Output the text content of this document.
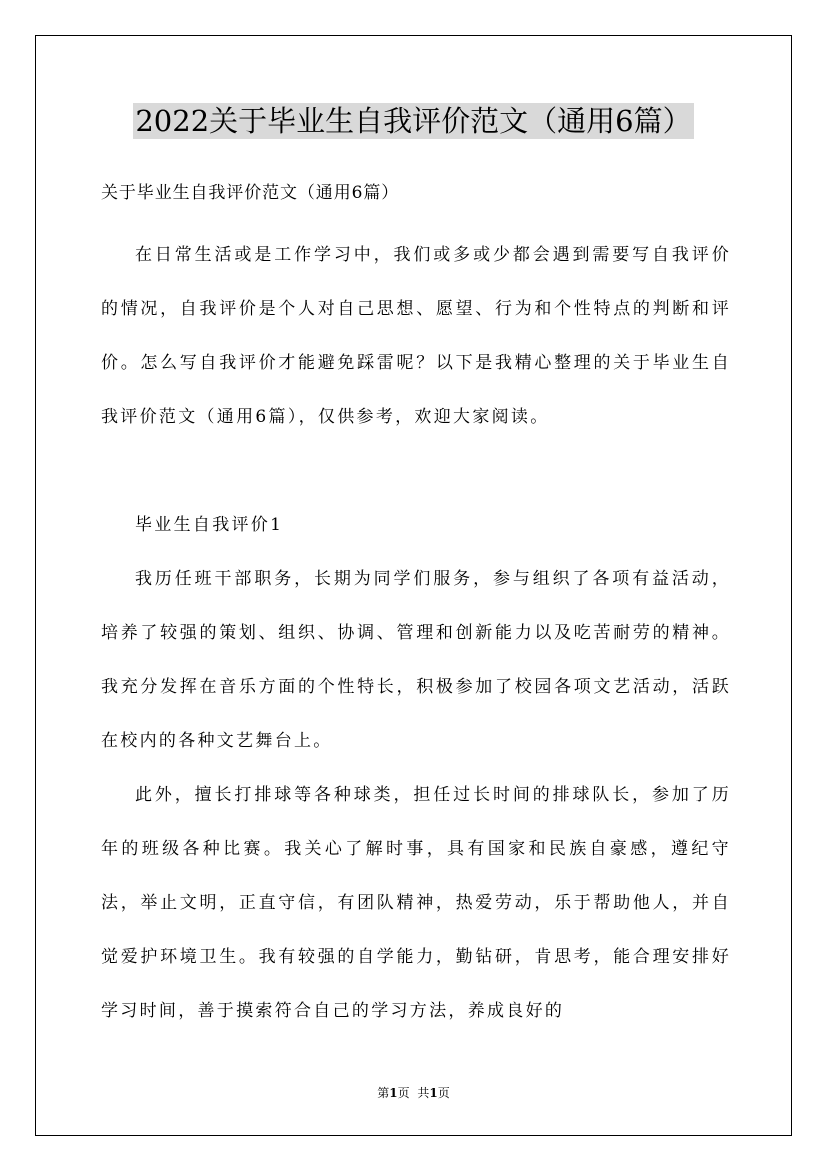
2022关于毕业生自我评价范文（通用6篇）
关于毕业生自我评价范文（通用6篇）

在日常生活或是工作学习中，我们或多或少都会遇到需要写自我评价的情况，自我评价是个人对自己思想、愿望、行为和个性特点的判断和评价。怎么写自我评价才能避免踩雷呢？以下是我精心整理的关于毕业生自我评价范文（通用6篇），仅供参考，欢迎大家阅读。

毕业生自我评价1

我历任班干部职务，长期为同学们服务，参与组织了各项有益活动，培养了较强的策划、组织、协调、管理和创新能力以及吃苦耐劳的精神。我充分发挥在音乐方面的个性特长，积极参加了校园各项文艺活动，活跃在校内的各种文艺舞台上。

此外，擅长打排球等各种球类，担任过长时间的排球队长，参加了历年的班级各种比赛。我关心了解时事，具有国家和民族自豪感，遵纪守法，举止文明，正直守信，有团队精神，热爱劳动，乐于帮助他人，并自觉爱护环境卫生。我有较强的自学能力，勤钻研，肯思考，能合理安排好学习时间，善于摸索符合自己的学习方法，养成良好的

第1页 共1页
